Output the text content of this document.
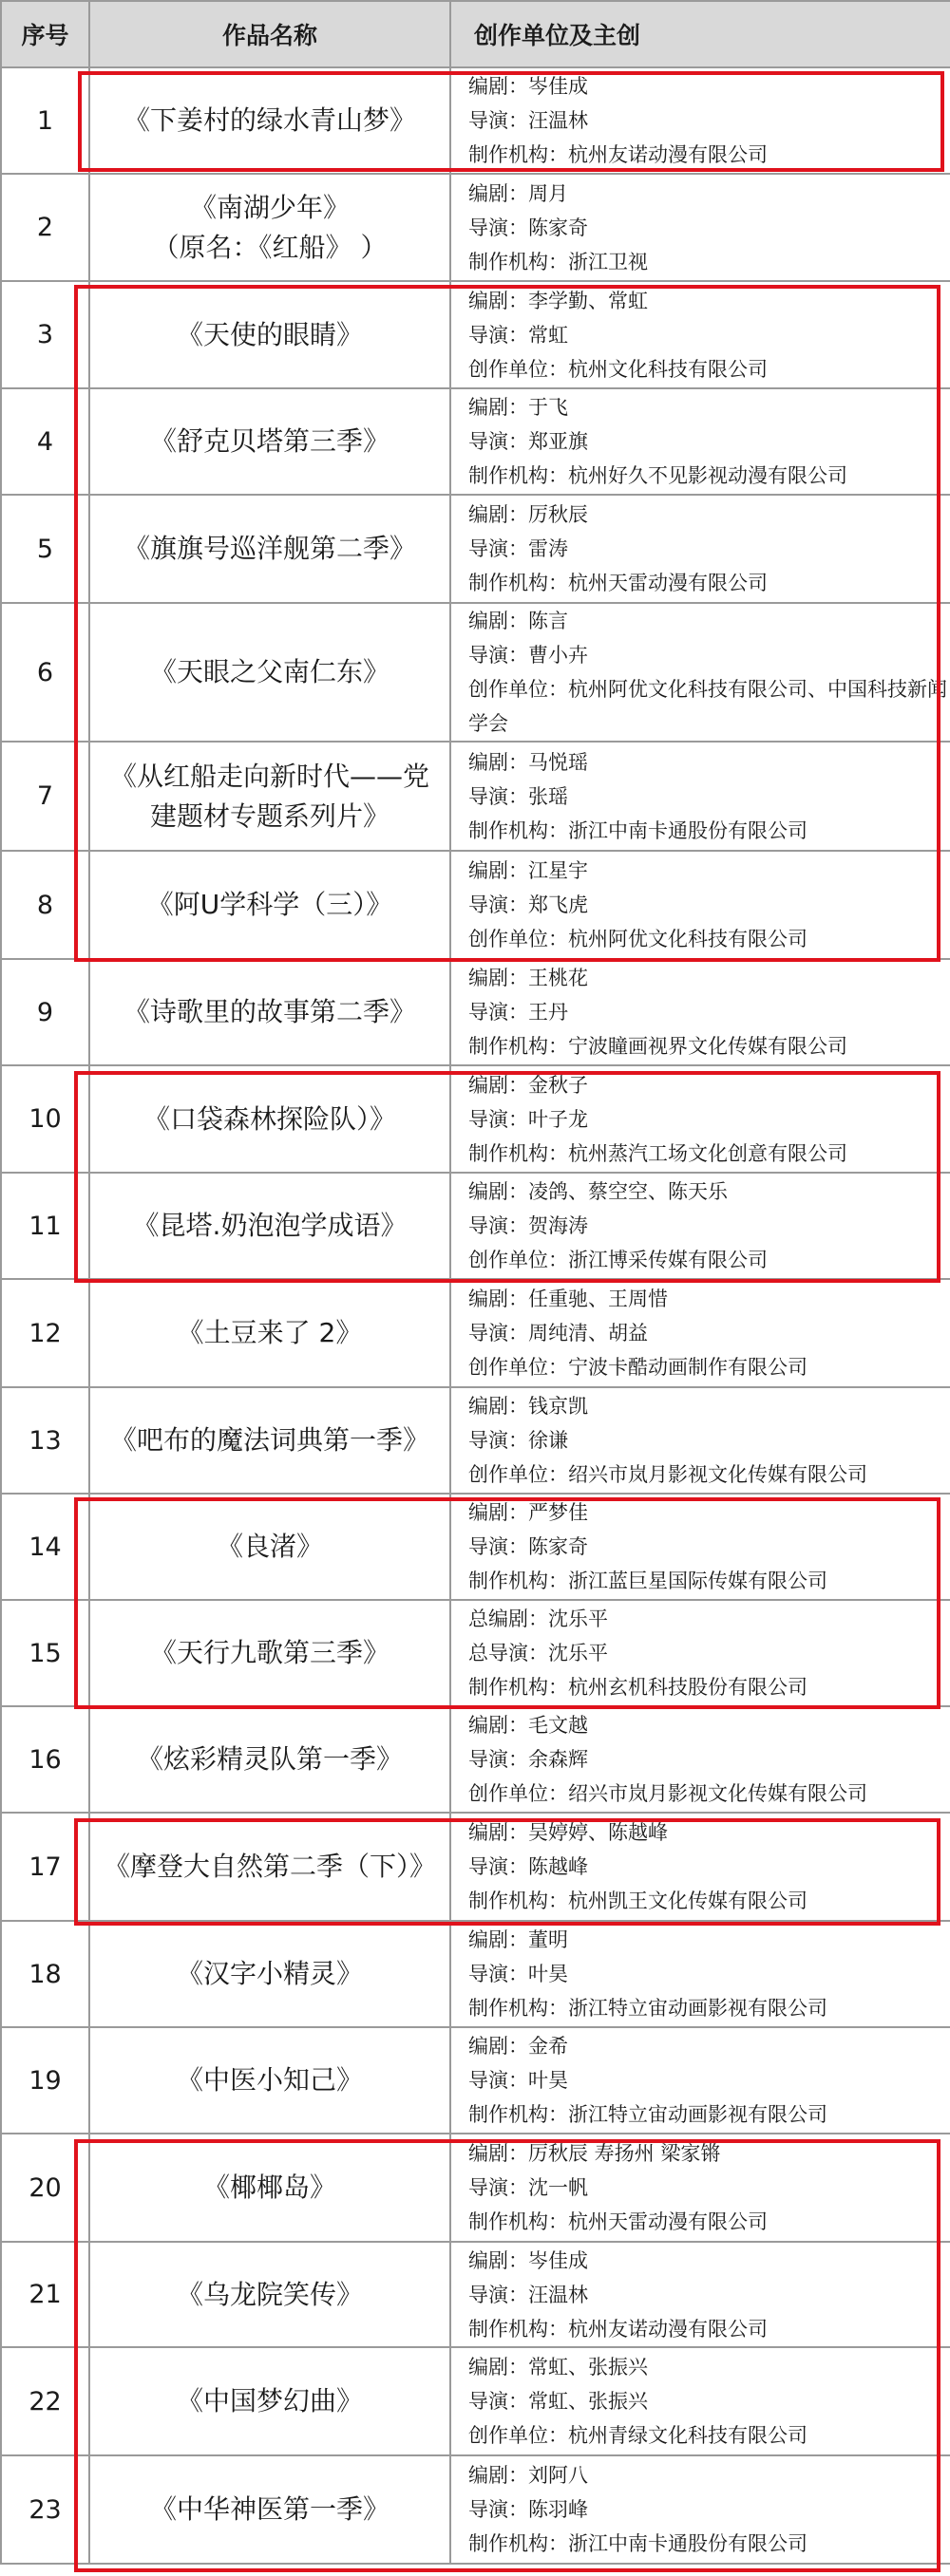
序号	作品名称	创作单位及主创
1	《下姜村的绿水青山梦》	编剧：岑佳成
导演：汪温林
制作机构：杭州友诺动漫有限公司

2	《南湖少年》
（原名：《红船》 ）	编剧：周月
导演：陈家奇
制作机构：浙江卫视

3	《天使的眼睛》	编剧：李学勤、常虹
导演：常虹
创作单位：杭州文化科技有限公司

4	《舒克贝塔第三季》	编剧：于飞
导演：郑亚旗
制作机构：杭州好久不见影视动漫有限公司

5	《旗旗号巡洋舰第二季》	编剧：厉秋辰
导演：雷涛
制作机构：杭州天雷动漫有限公司

6	《天眼之父南仁东》	编剧：陈言
导演：曹小卉
创作单位：杭州阿优文化科技有限公司、中国科技新闻学会

7	《从红船走向新时代——党建题材专题系列片》	编剧：马悦瑶
导演：张瑶
制作机构：浙江中南卡通股份有限公司

8	《阿U学科学（三）》	编剧：江星宇
导演：郑飞虎
创作单位：杭州阿优文化科技有限公司

9	《诗歌里的故事第二季》	编剧：王桃花
导演：王丹
制作机构：宁波瞳画视界文化传媒有限公司

10	《口袋森林探险队）》	编剧：金秋子
导演：叶子龙
制作机构：杭州蒸汽工场文化创意有限公司

11	《昆塔.奶泡泡学成语》	编剧：凌鸽、蔡空空、陈天乐
导演：贺海涛
创作单位：浙江博采传媒有限公司

12	《土豆来了 2》	编剧：任重驰、王周惜
导演：周纯清、胡益
创作单位：宁波卡酷动画制作有限公司

13	《吧布的魔法词典第一季》	编剧：钱京凯
导演：徐谦
创作单位：绍兴市岚月影视文化传媒有限公司

14	《良渚》	编剧：严梦佳
导演：陈家奇
制作机构：浙江蓝巨星国际传媒有限公司

15	《天行九歌第三季》	总编剧：沈乐平
总导演：沈乐平
制作机构：杭州玄机科技股份有限公司

16	《炫彩精灵队第一季》	编剧：毛文越
导演：余森辉
创作单位：绍兴市岚月影视文化传媒有限公司

17	《摩登大自然第二季（下）》	编剧：吴婷婷、陈越峰
导演：陈越峰
制作机构：杭州凯王文化传媒有限公司

18	《汉字小精灵》	编剧：董明
导演：叶昊
制作机构：浙江特立宙动画影视有限公司

19	《中医小知己》	编剧：金希
导演：叶昊
制作机构：浙江特立宙动画影视有限公司

20	《椰椰岛》	编剧：厉秋辰 寿扬州 梁家锵
导演：沈一帆
制作机构：杭州天雷动漫有限公司

21	《乌龙院笑传》	编剧：岑佳成
导演：汪温林
制作机构：杭州友诺动漫有限公司

22	《中国梦幻曲》	编剧：常虹、张振兴
导演：常虹、张振兴
创作单位：杭州青绿文化科技有限公司

23	《中华神医第一季》	编剧：刘阿八
导演：陈羽峰
制作机构：浙江中南卡通股份有限公司
